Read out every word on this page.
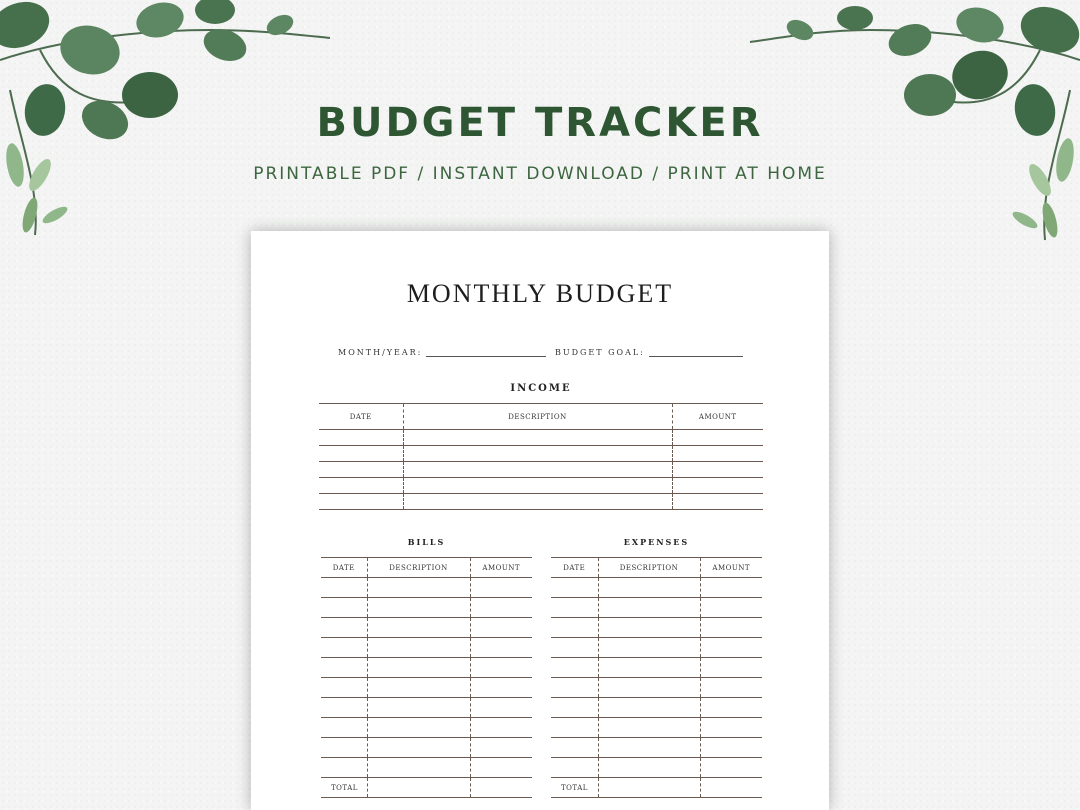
BUDGET TRACKER
PRINTABLE PDF / INSTANT DOWNLOAD / PRINT AT HOME
MONTHLY BUDGET
MONTH/YEAR:	BUDGET GOAL:
INCOME
DATE	DESCRIPTION	AMOUNT

BILLS
DATE	DESCRIPTION	AMOUNT

TOTAL		
EXPENSES
DATE	DESCRIPTION	AMOUNT

TOTAL		
